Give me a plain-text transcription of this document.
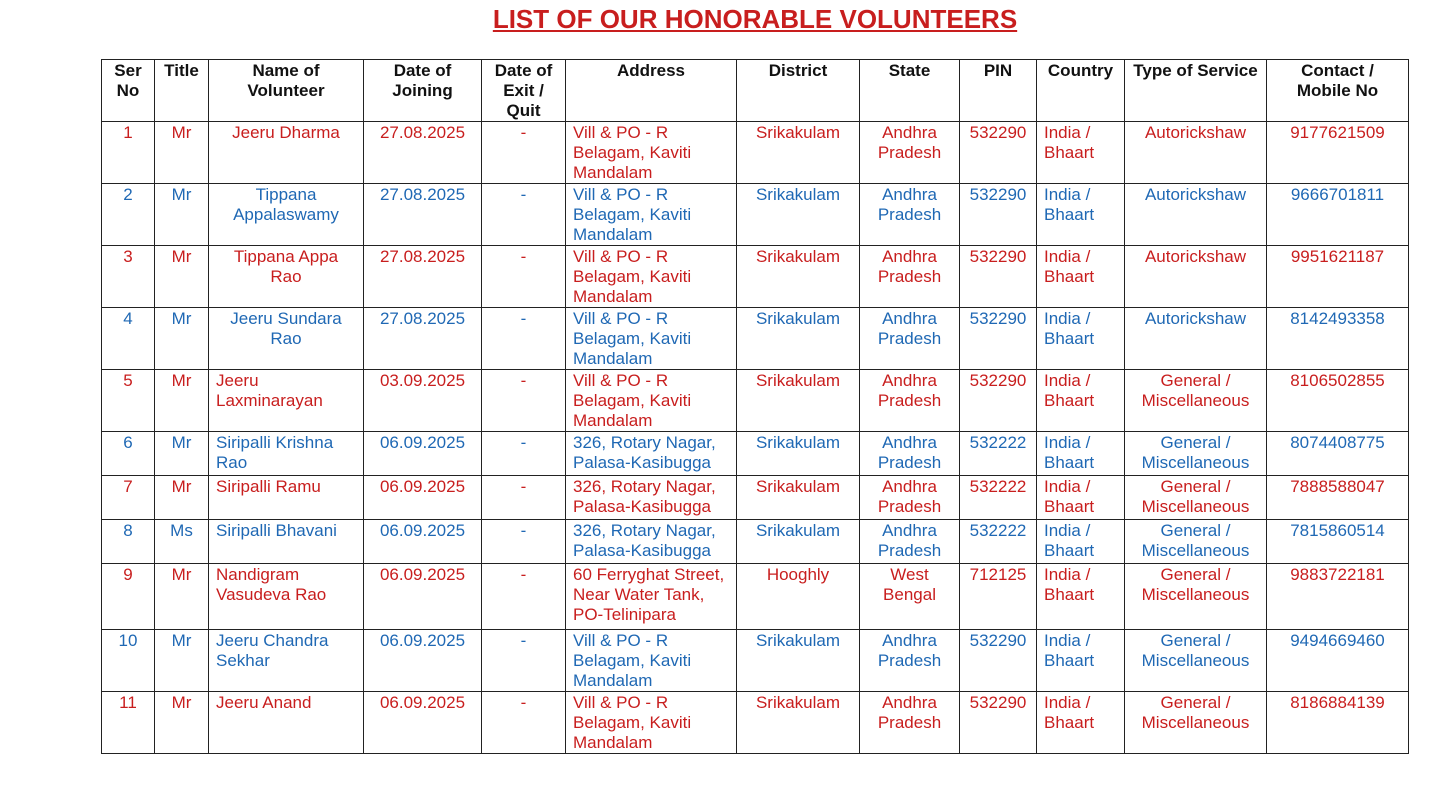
LIST OF OUR HONORABLE VOLUNTEERS
Ser No	Title	Name of Volunteer	Date of Joining	Date of Exit / Quit	Address	District	State	PIN	Country	Type of Service	Contact / Mobile No
1	Mr	Jeeru Dharma	27.08.2025	-	Vill & PO - R Belagam, Kaviti Mandalam	Srikakulam	Andhra Pradesh	532290	India / Bhaart	Autorickshaw	9177621509
2	Mr	Tippana Appalaswamy	27.08.2025	-	Vill & PO - R Belagam, Kaviti Mandalam	Srikakulam	Andhra Pradesh	532290	India / Bhaart	Autorickshaw	9666701811
3	Mr	Tippana Appa Rao	27.08.2025	-	Vill & PO - R Belagam, Kaviti Mandalam	Srikakulam	Andhra Pradesh	532290	India / Bhaart	Autorickshaw	9951621187
4	Mr	Jeeru Sundara Rao	27.08.2025	-	Vill & PO - R Belagam, Kaviti Mandalam	Srikakulam	Andhra Pradesh	532290	India / Bhaart	Autorickshaw	8142493358
5	Mr	Jeeru Laxminarayan	03.09.2025	-	Vill & PO - R Belagam, Kaviti Mandalam	Srikakulam	Andhra Pradesh	532290	India / Bhaart	General / Miscellaneous	8106502855
6	Mr	Siripalli Krishna Rao	06.09.2025	-	326, Rotary Nagar, Palasa-Kasibugga	Srikakulam	Andhra Pradesh	532222	India / Bhaart	General / Miscellaneous	8074408775
7	Mr	Siripalli Ramu	06.09.2025	-	326, Rotary Nagar, Palasa-Kasibugga	Srikakulam	Andhra Pradesh	532222	India / Bhaart	General / Miscellaneous	7888588047
8	Ms	Siripalli Bhavani	06.09.2025	-	326, Rotary Nagar, Palasa-Kasibugga	Srikakulam	Andhra Pradesh	532222	India / Bhaart	General / Miscellaneous	7815860514
9	Mr	Nandigram Vasudeva Rao	06.09.2025	-	60 Ferryghat Street, Near Water Tank, PO-Telinipara	Hooghly	West Bengal	712125	India / Bhaart	General / Miscellaneous	9883722181
10	Mr	Jeeru Chandra Sekhar	06.09.2025	-	Vill & PO - R Belagam, Kaviti Mandalam	Srikakulam	Andhra Pradesh	532290	India / Bhaart	General / Miscellaneous	9494669460
11	Mr	Jeeru Anand	06.09.2025	-	Vill & PO - R Belagam, Kaviti Mandalam	Srikakulam	Andhra Pradesh	532290	India / Bhaart	General / Miscellaneous	8186884139
